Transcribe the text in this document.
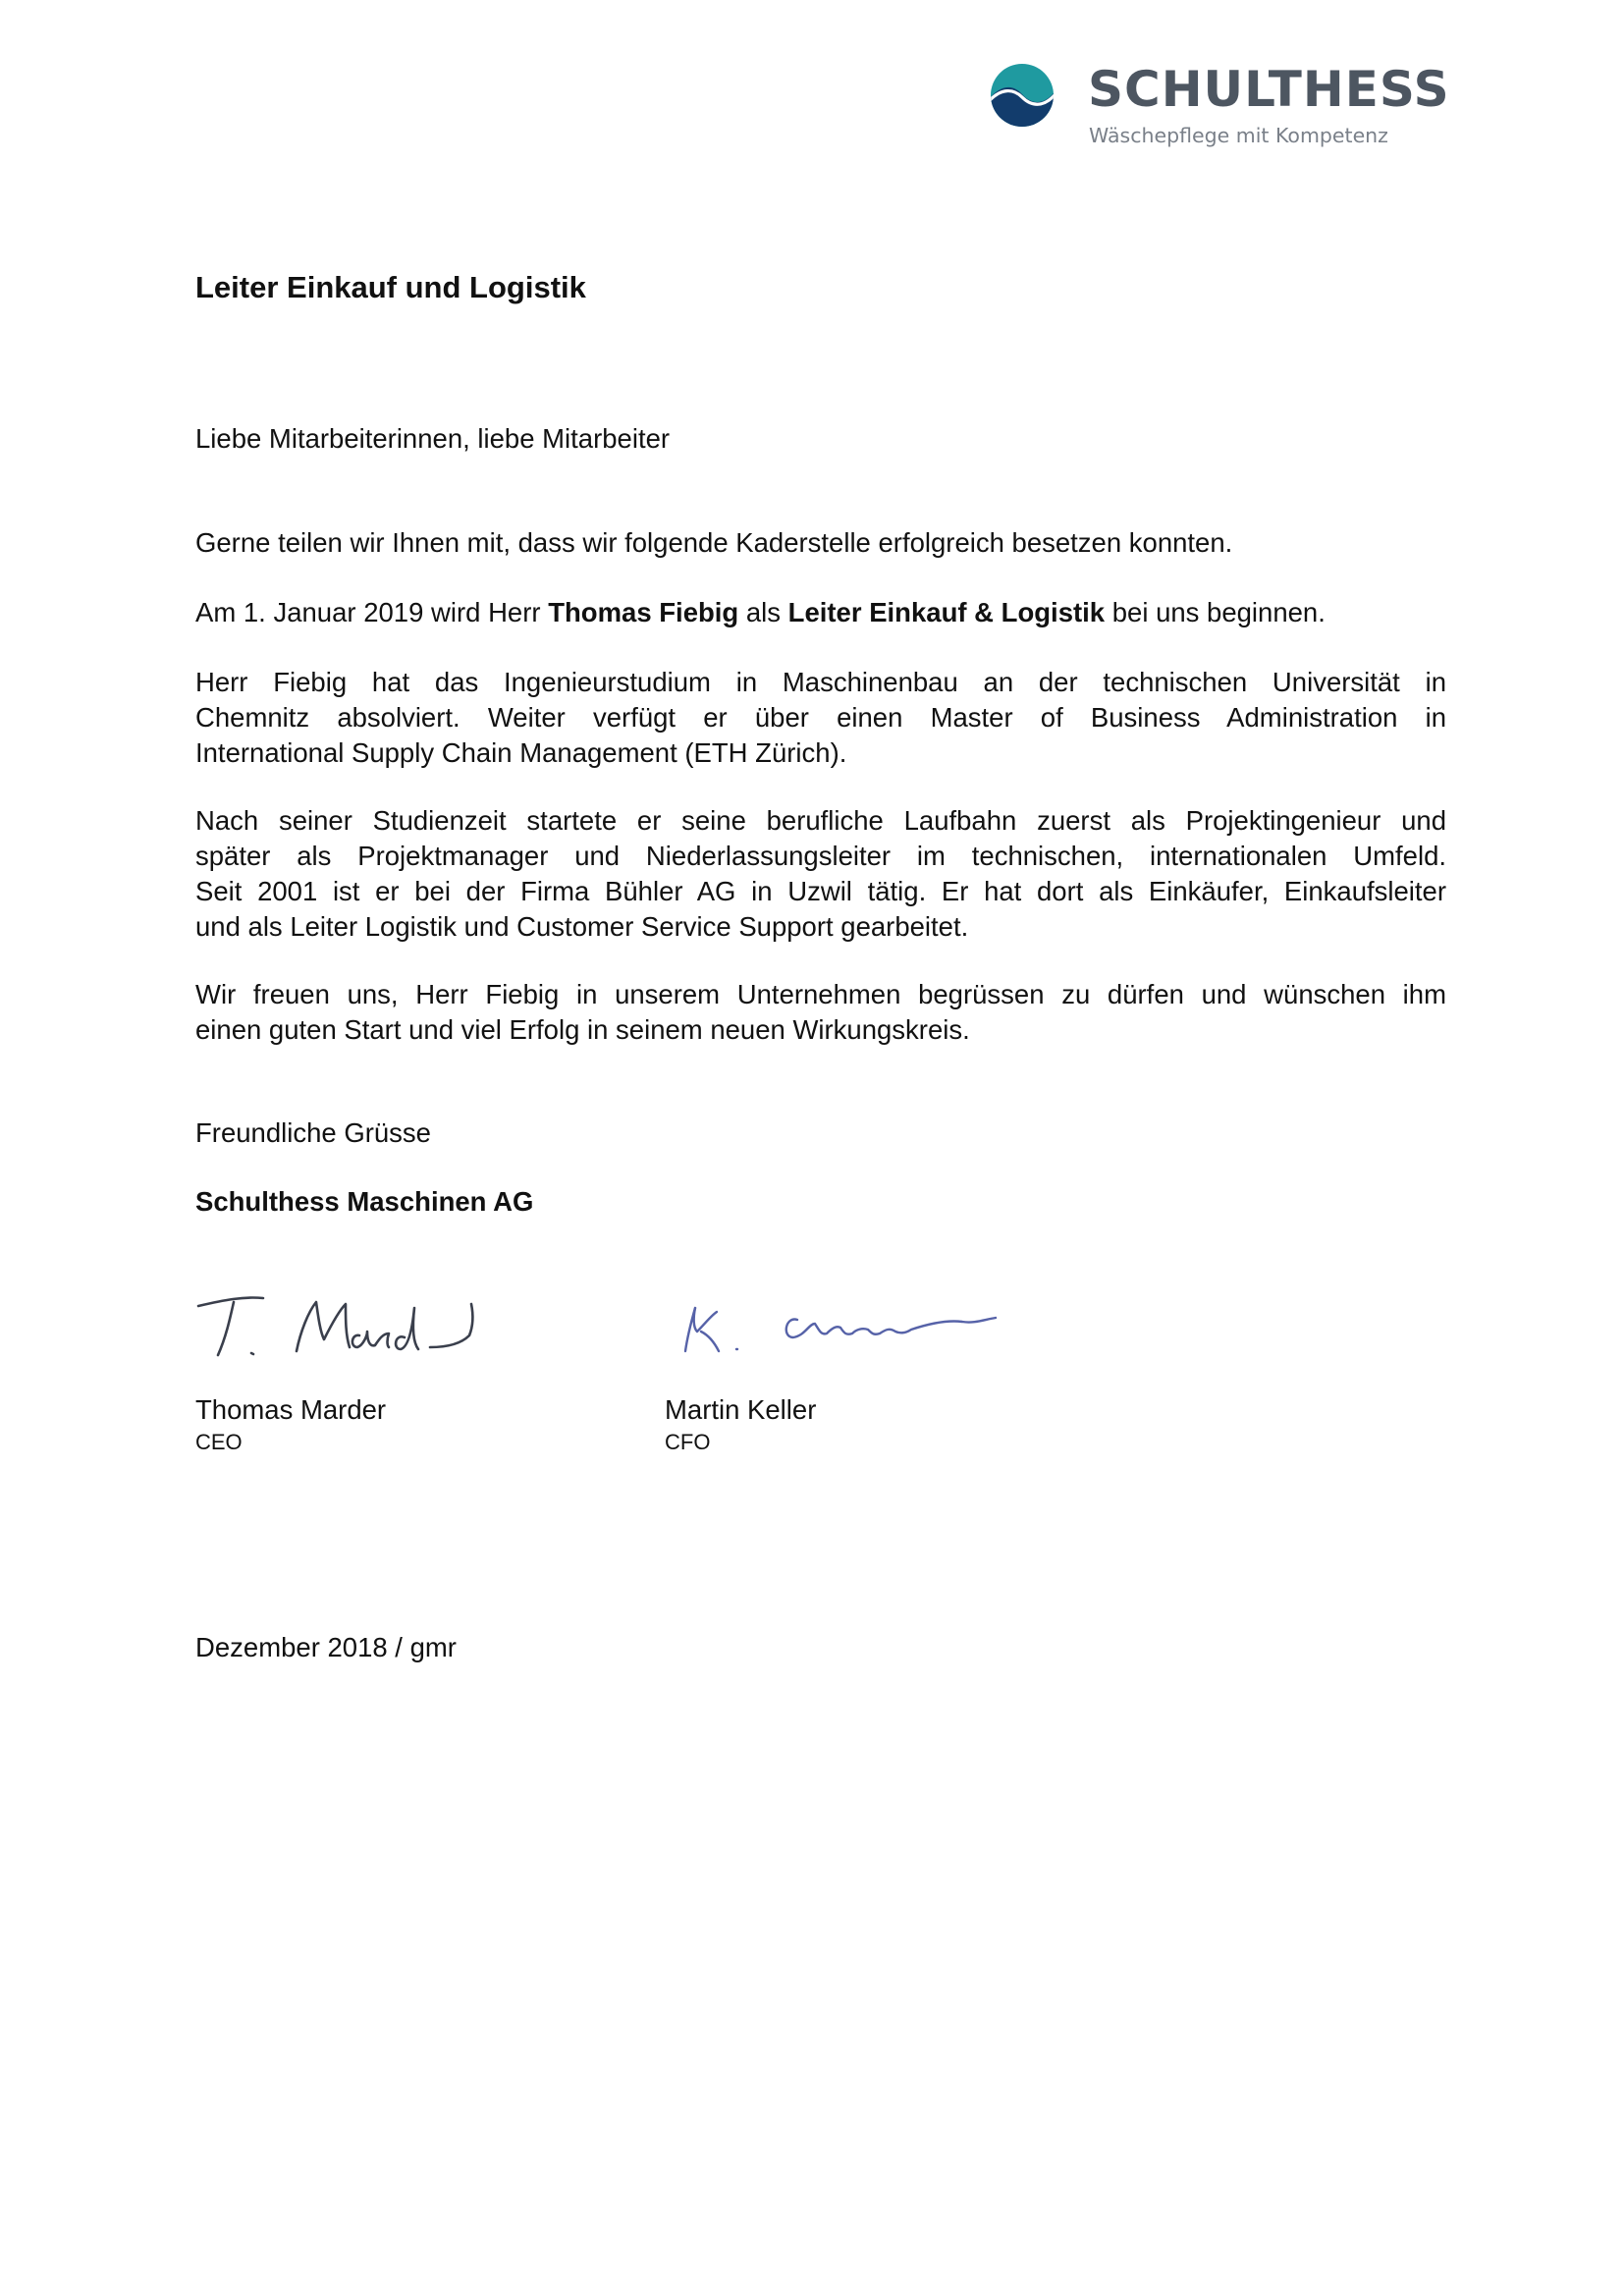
SCHULTHESS
Wäschepflege mit Kompetenz
Leiter Einkauf und Logistik
Liebe Mitarbeiterinnen, liebe Mitarbeiter
Gerne teilen wir Ihnen mit, dass wir folgende Kaderstelle erfolgreich besetzen konnten.
Am 1. Januar 2019 wird Herr Thomas Fiebig als Leiter Einkauf & Logistik bei uns beginnen.
Herr Fiebig hat das Ingenieurstudium in Maschinenbau an der technischen Universität in
Chemnitz absolviert. Weiter verfügt er über einen Master of Business Administration in
International Supply Chain Management (ETH Zürich).
Nach seiner Studienzeit startete er seine berufliche Laufbahn zuerst als Projektingenieur und
später als Projektmanager und Niederlassungsleiter im technischen, internationalen Umfeld.
Seit 2001 ist er bei der Firma Bühler AG in Uzwil tätig. Er hat dort als Einkäufer, Einkaufsleiter
und als Leiter Logistik und Customer Service Support gearbeitet.
Wir freuen uns, Herr Fiebig in unserem Unternehmen begrüssen zu dürfen und wünschen ihm
einen guten Start und viel Erfolg in seinem neuen Wirkungskreis.
Freundliche Grüsse
Schulthess Maschinen AG
Thomas Marder
CEO
Martin Keller
CFO
Dezember 2018 / gmr
